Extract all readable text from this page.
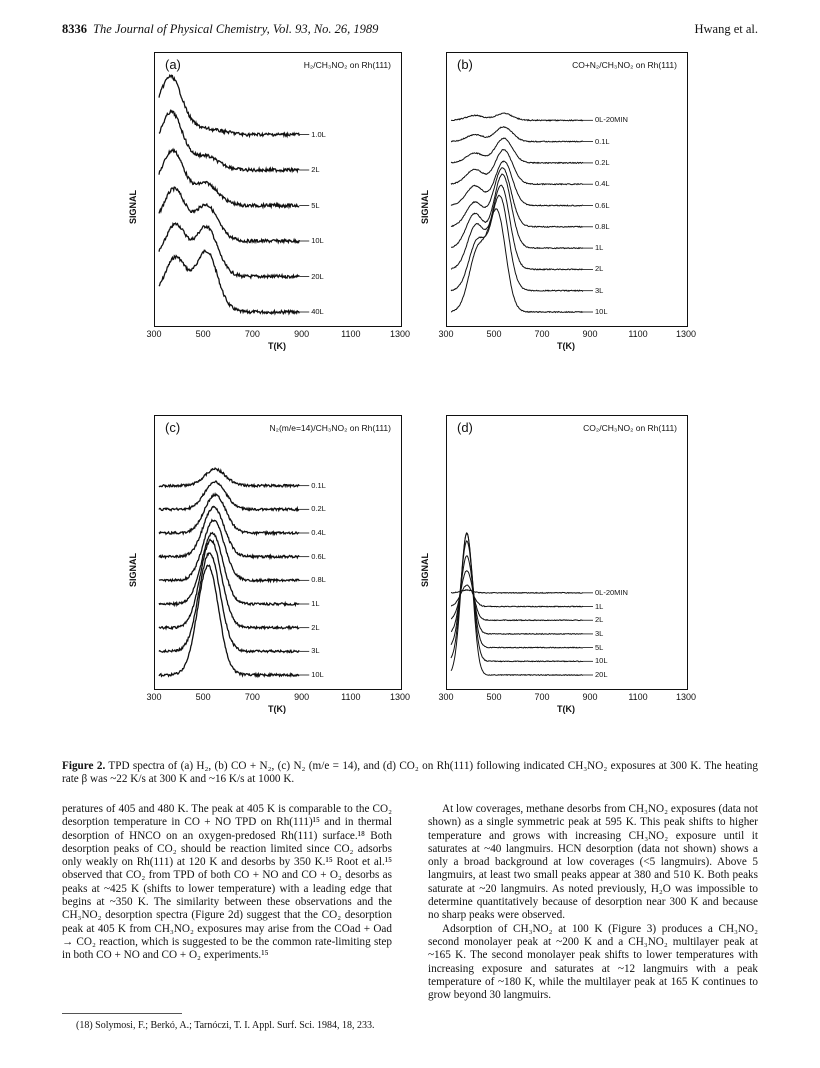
8336 The Journal of Physical Chemistry, Vol. 93, No. 26, 1989	Hwang et al.
(a)	H₂/CH₃NO₂ on Rh(111)
40L
20L
10L
5L
2L
1.0L
SIGNAL
300	500	700	900	1100	1300
T(K)
(b)	CO+N₂/CH₃NO₂ on Rh(111)
10L
3L
2L
1L
0.8L
0.6L
0.4L
0.2L
0.1L
0L-20MIN
SIGNAL
300	500	700	900	1100	1300
T(K)
(c)	N₂(m/e=14)/CH₃NO₂ on Rh(111)
10L
3L
2L
1L
0.8L
0.6L
0.4L
0.2L
0.1L
SIGNAL
300	500	700	900	1100	1300
T(K)
(d)	CO₂/CH₃NO₂ on Rh(111)
20L
10L
5L
3L
2L
1L
0L-20MIN
SIGNAL
300	500	700	900	1100	1300
T(K)
Figure 2. TPD spectra of (a) H₂, (b) CO + N₂, (c) N₂ (m/e = 14), and (d) CO₂ on Rh(111) following indicated CH₃NO₂ exposures at 300 K. The heating rate β was ~22 K/s at 300 K and ~16 K/s at 1000 K.

peratures of 405 and 480 K. The peak at 405 K is comparable to the CO₂ desorption temperature in CO + NO TPD on Rh(111)¹⁵ and in thermal desorption of HNCO on an oxygen-predosed Rh(111) surface.¹⁸ Both desorption peaks of CO₂ should be reaction limited since CO₂ adsorbs only weakly on Rh(111) at 120 K and desorbs by 350 K.¹⁵ Root et al.¹⁵ observed that CO₂ from TPD of both CO + NO and CO + O₂ desorbs as peaks at ~425 K (shifts to lower temperature) with a leading edge that begins at ~350 K. The similarity between these observations and the CH₃NO₂ desorption spectra (Figure 2d) suggest that the CO₂ desorption peak at 405 K from CH₃NO₂ exposures may arise from the COad + Oad → CO₂ reaction, which is suggested to be the common rate-limiting step in both CO + NO and CO + O₂ experiments.¹⁵

At low coverages, methane desorbs from CH₃NO₂ exposures (data not shown) as a single symmetric peak at 595 K. This peak shifts to higher temperature and grows with increasing CH₃NO₂ exposure until it saturates at ~40 langmuirs. HCN desorption (data not shown) shows a only a broad background at low coverages (<5 langmuirs). Above 5 langmuirs, at least two small peaks appear at 380 and 510 K. Both peaks saturate at ~20 langmuirs. As noted previously, H₂O was impossible to determine quantitatively because of desorption near 300 K and because no sharp peaks were observed.

Adsorption of CH₃NO₂ at 100 K (Figure 3) produces a CH₃NO₂ second monolayer peak at ~200 K and a CH₃NO₂ multilayer peak at ~165 K. The second monolayer peak shifts to lower temperatures with increasing exposure and saturates at ~12 langmuirs with a peak temperature of ~180 K, while the multilayer peak at 165 K continues to grow beyond 30 langmuirs.

(18) Solymosi, F.; Berkó, A.; Tarnóczi, T. I. Appl. Surf. Sci. 1984, 18, 233.
